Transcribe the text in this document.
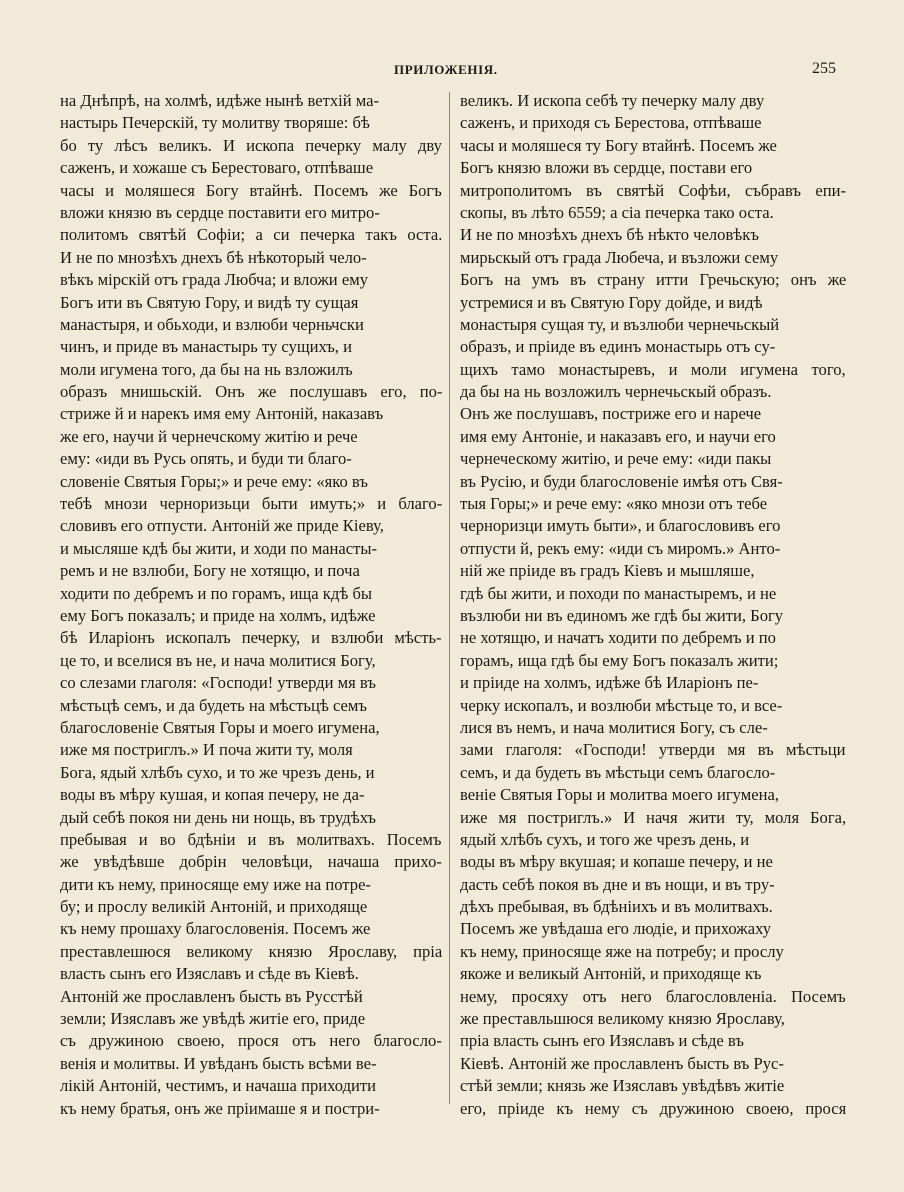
ПРИЛОЖЕНІЯ.	255
на Днѣпрѣ, на холмѣ, идѣже нынѣ ветхій ма-
настырь Печерскій, ту молитву творяше: бѣ
бо ту лѣсъ великъ. И ископа печерку малу дву
саженъ, и хожаше съ Берестоваго, отпѣваше
часы и моляшеся Богу втайнѣ. Посемъ же Богъ
вложи князю въ сердце поставити его митро-
политомъ святѣй Софіи; а си печерка такъ оста.
И не по мнозѣхъ днехъ бѣ нѣкоторый чело-
вѣкъ мірскій отъ града Любча; и вложи ему
Богъ ити въ Святую Гору, и видѣ ту сущая
манастыря, и обьходи, и взлюби черньчски
чинъ, и приде въ манастырь ту сущихъ, и
моли игумена того, да бы на нь взложилъ
образъ мнишьскій. Онъ же послушавъ его, по-
стриже й и нарекъ имя ему Антоній, наказавъ
же его, научи й чернечскому житію и рече
ему: «иди въ Русь опять, и буди ти благо-
словеніе Святыя Горы;» и рече ему: «яко въ
тебѣ мнози черноризьци быти имуть;» и благо-
словивъ его отпусти. Антоній же приде Кіеву,
и мысляше кдѣ бы жити, и ходи по манасты-
ремъ и не взлюби, Богу не хотящю, и поча
ходити по дебремъ и по горамъ, ища кдѣ бы
ему Богъ показалъ; и приде на холмъ, идѣже
бѣ Иларіонъ ископалъ печерку, и взлюби мѣсть-
це то, и вселися въ не, и нача молитися Богу,
со слезами глаголя: «Господи! утверди мя въ
мѣстьцѣ семъ, и да будеть на мѣстьцѣ семъ
благословеніе Святыя Горы и моего игумена,
иже мя постриглъ.» И поча жити ту, моля
Бога, ядый хлѣбъ сухо, и то же чрезъ день, и
воды въ мѣру кушая, и копая печеру, не да-
дый себѣ покоя ни день ни нощь, въ трудѣхъ
пребывая и во бдѣніи и въ молитвахъ. Посемъ
же увѣдѣвше добрін человѣци, начаша прихо-
дити къ нему, приносяще ему иже на потре-
бу; и прослу великій Антоній, и приходяще
къ нему прошаху благословенія. Посемъ же
преставлешюся великому князю Ярославу, пріа
власть сынъ его Изяславъ и сѣде въ Кіевѣ.
Антоній же прославленъ бысть въ Русстѣй
земли; Изяславъ же увѣдѣ житіе его, приде
съ дружиною своею, прося отъ него благосло-
венія и молитвы. И увѣданъ бысть всѣми ве-
лікій Антоній, честимъ, и начаша приходити
къ нему братья, онъ же пріимаше я и постри-
великъ. И ископа себѣ ту печерку малу дву
саженъ, и приходя съ Берестова, отпѣваше
часы и моляшеся ту Богу втайнѣ. Посемъ же
Богъ князю вложи въ сердце, постави его
митрополитомъ въ святѣй Софѣи, събравъ епи-
скопы, въ лѣто 6559; а сіа печерка тако оста.
И не по мнозѣхъ днехъ бѣ нѣкто человѣкъ
мирьскый отъ града Любеча, и възложи сему
Богъ на умъ въ страну итти Гречьскую; онъ же
устремися и въ Святую Гору дойде, и видѣ
монастыря сущая ту, и възлюби чернечьскый
образъ, и пріиде въ единъ монастырь отъ су-
щихъ тамо монастыревъ, и моли игумена того,
да бы на нь возложилъ чернечьскый образъ.
Онъ же послушавъ, постриже его и нарече
имя ему Антоніе, и наказавъ его, и научи его
чернеческому житію, и рече ему: «иди пакы
въ Русію, и буди благословеніе имѣя отъ Свя-
тыя Горы;» и рече ему: «яко мнози отъ тебе
черноризци имуть быти», и благословивъ его
отпусти й, рекъ ему: «иди съ миромъ.» Анто-
ній же пріиде въ градъ Кіевъ и мышляше,
гдѣ бы жити, и походи по манастыремъ, и не
възлюби ни въ единомъ же гдѣ бы жити, Богу
не хотящю, и начатъ ходити по дебремъ и по
горамъ, ища гдѣ бы ему Богъ показалъ жити;
и пріиде на холмъ, идѣже бѣ Иларіонъ пе-
черку ископалъ, и возлюби мѣстьце то, и все-
лися въ немъ, и нача молитися Богу, съ сле-
зами глаголя: «Господи! утверди мя въ мѣстьци
семъ, и да будеть въ мѣстьци семъ благосло-
веніе Святыя Горы и молитва моего игумена,
иже мя постриглъ.» И начя жити ту, моля Бога,
ядый хлѣбъ сухъ, и того же чрезъ день, и
воды въ мѣру вкушая; и копаше печеру, и не
дасть себѣ покоя въ дне и въ нощи, и въ тру-
дѣхъ пребывая, въ бдѣніихъ и въ молитвахъ.
Посемъ же увѣдаша его людіе, и прихожаху
къ нему, приносяще яже на потребу; и прослу
якоже и великый Антоній, и приходяще къ
нему, просяху отъ него благословленіа. Посемъ
же преставльшюся великому князю Ярославу,
пріа власть сынъ его Изяславъ и сѣде въ
Кіевѣ. Антоній же прославленъ бысть въ Рус-
стѣй земли; князь же Изяславъ увѣдѣвъ житіе
его, пріиде къ нему съ дружиною своею, прося
